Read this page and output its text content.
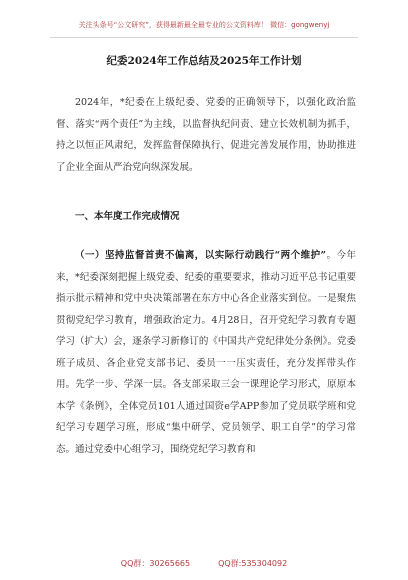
关注头条号“公文研究”，获得最新最全最专业的公文资料库！ 微信：gongwenyj
纪委2024年工作总结及2025年工作计划

2024年，*纪委在上级纪委、党委的正确领导下，以强化政治监督、落实“两个责任”为主线，以监督执纪问责、建立长效机制为抓手，持之以恒正风肃纪，发挥监督保障执行、促进完善发展作用，协助推进了企业全面从严治党向纵深发展。

一、本年度工作完成情况

（一）坚持监督首责不偏离，以实际行动践行“两个维护”。今年来，*纪委深刻把握上级党委、纪委的重要要求，推动习近平总书记重要指示批示精神和党中央决策部署在东方中心各企业落实到位。一是聚焦贯彻党纪学习教育，增强政治定力。4月28日，召开党纪学习教育专题学习（扩大）会，逐条学习新修订的《中国共产党纪律处分条例》。党委班子成员、各企业党支部书记、委员一一压实责任，充分发挥带头作用。先学一步、学深一层。各支部采取三会一课理论学习形式，原原本本学《条例》，全体党员101人通过国资e学APP参加了党员联学班和党纪学习专题学习班，形成“集中研学、党员领学、职工自学”的学习常态。通过党委中心组学习，围绕党纪学习教育和

QQ群：30265665	QQ群:535304092
